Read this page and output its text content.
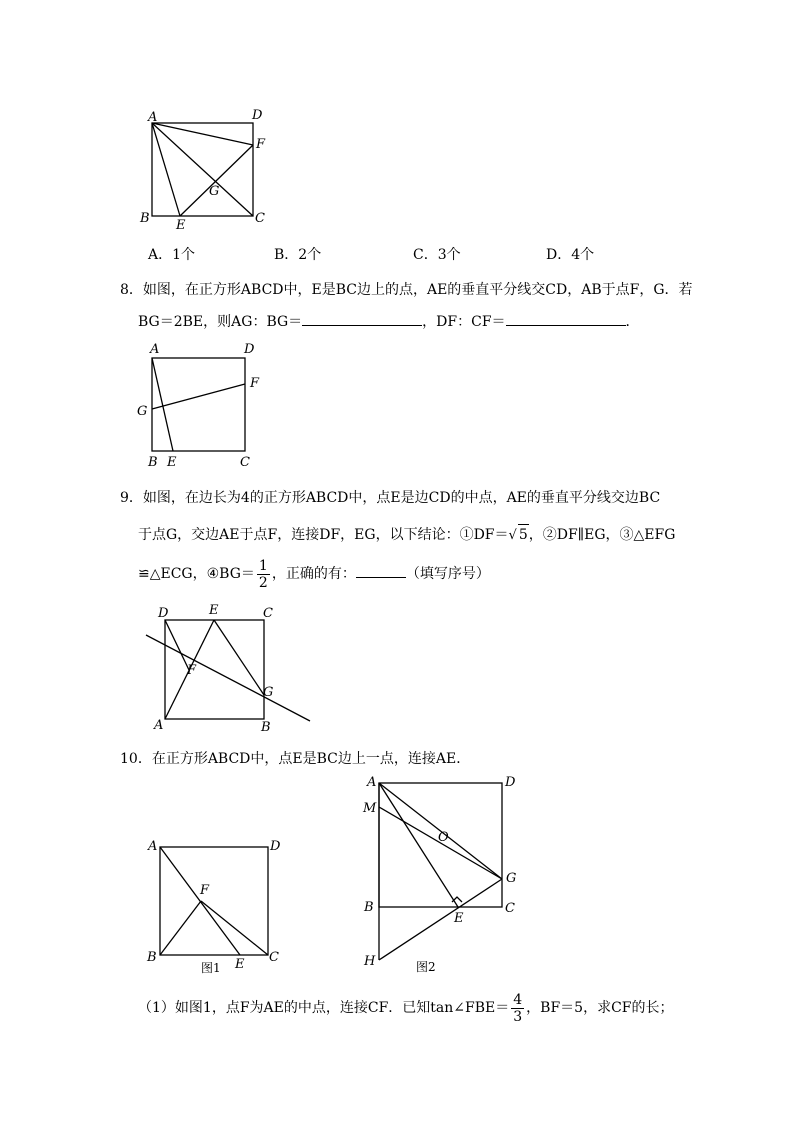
A	D
F
G
B E	C
A．1个	B．2个	C．3个	D．4个
8．如图，在正方形ABCD中，E是BC边上的点，AE的垂直平分线交CD，AB于点F，G．若
BG＝2BE，则AG：BG＝	，DF：CF＝	．
A	D
F
G
B E	C
9．如图，在边长为4的正方形ABCD中，点E是边CD的中点，AE的垂直平分线交边BC
于点G，交边AE于点F，连接DF，EG，以下结论：①DF＝√ 5，②DF∥EG，③△EFG
≌△ECG，④BG＝ $\frac{1}{2}$ ，正确的有：	（填写序号）
D	E	C
F
G
A	B
10．在正方形ABCD中，点E是BC边上一点，连接AE．
A	D
F
B	E C
图1
A	D
M
O
G
B
E
C
H	图2
（1）如图1，点F为AE的中点，连接CF．已知tan∠FBE＝ $\frac{4}{3}$ ，BF＝5，求CF的长；
